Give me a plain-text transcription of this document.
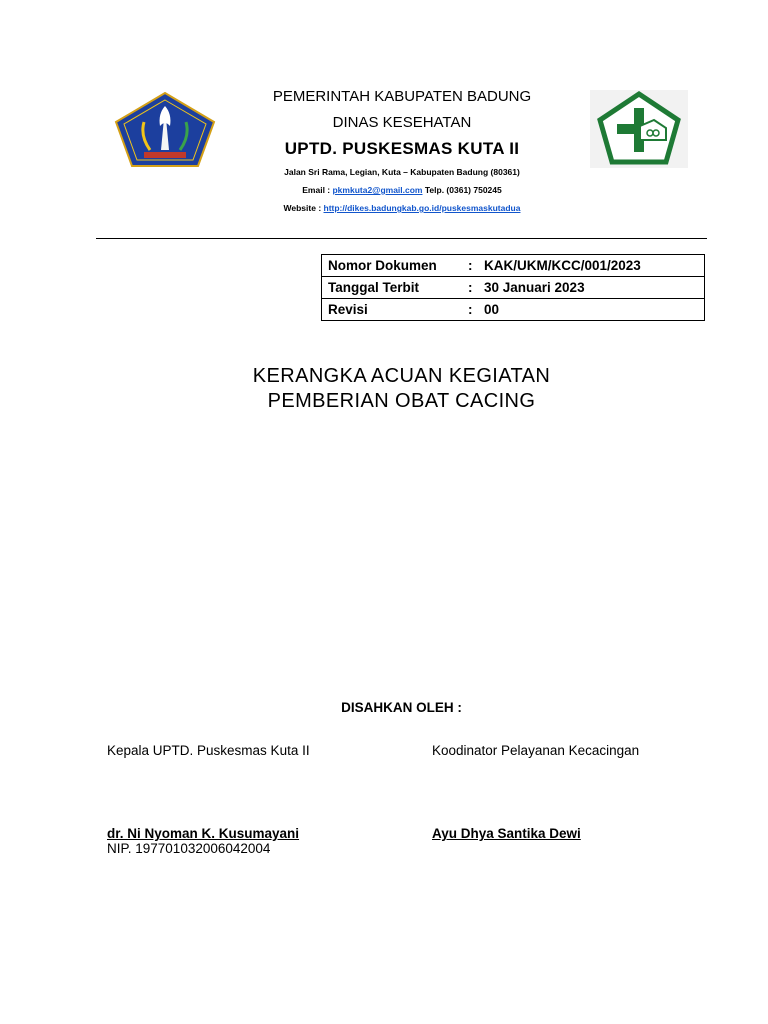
PEMERINTAH KABUPATEN BADUNG
DINAS KESEHATAN
UPTD. PUSKESMAS KUTA II
Jalan Sri Rama, Legian, Kuta – Kabupaten Badung (80361)
Email : pkmkuta2@gmail.com Telp. (0361) 750245
Website : http://dikes.badungkab.go.id/puskesmaskutadua
Nomor Dokumen	:	KAK/UKM/KCC/001/2023
Tanggal Terbit	:	30 Januari 2023
Revisi	:	00
KERANGKA ACUAN KEGIATAN
PEMBERIAN OBAT CACING
DISAHKAN OLEH :
Kepala UPTD. Puskesmas Kuta II	Koodinator Pelayanan Kecacingan
dr. Ni Nyoman K. Kusumayani
NIP. 197701032006042004
Ayu Dhya Santika Dewi
